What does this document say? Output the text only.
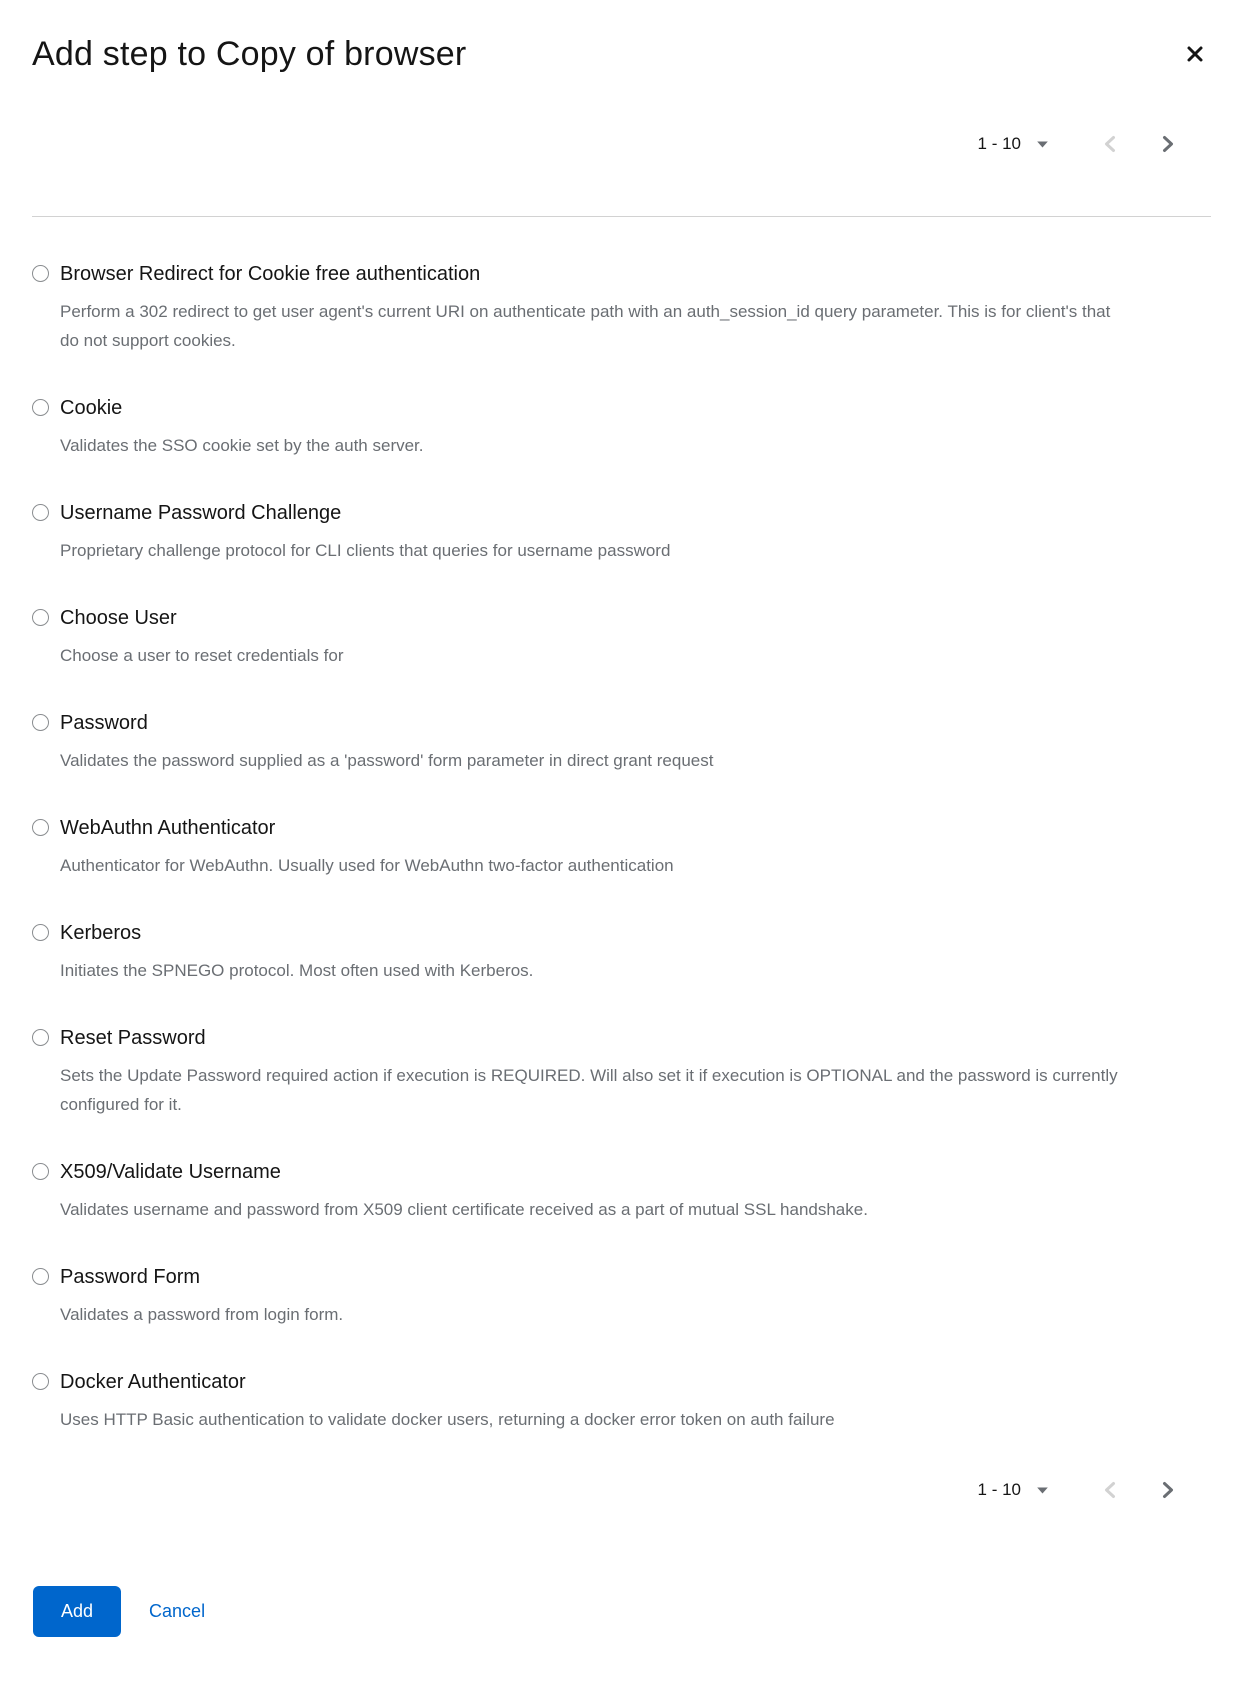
Add step to Copy of browser
1 - 10
Browser Redirect for Cookie free authentication
Perform a 302 redirect to get user agent's current URI on authenticate path with an auth_session_id query parameter. This is for client's that do not support cookies.
Cookie
Validates the SSO cookie set by the auth server.
Username Password Challenge
Proprietary challenge protocol for CLI clients that queries for username password
Choose User
Choose a user to reset credentials for
Password
Validates the password supplied as a 'password' form parameter in direct grant request
WebAuthn Authenticator
Authenticator for WebAuthn. Usually used for WebAuthn two-factor authentication
Kerberos
Initiates the SPNEGO protocol. Most often used with Kerberos.
Reset Password
Sets the Update Password required action if execution is REQUIRED. Will also set it if execution is OPTIONAL and the password is currently configured for it.
X509/Validate Username
Validates username and password from X509 client certificate received as a part of mutual SSL handshake.
Password Form
Validates a password from login form.
Docker Authenticator
Uses HTTP Basic authentication to validate docker users, returning a docker error token on auth failure
1 - 10
Add	Cancel
